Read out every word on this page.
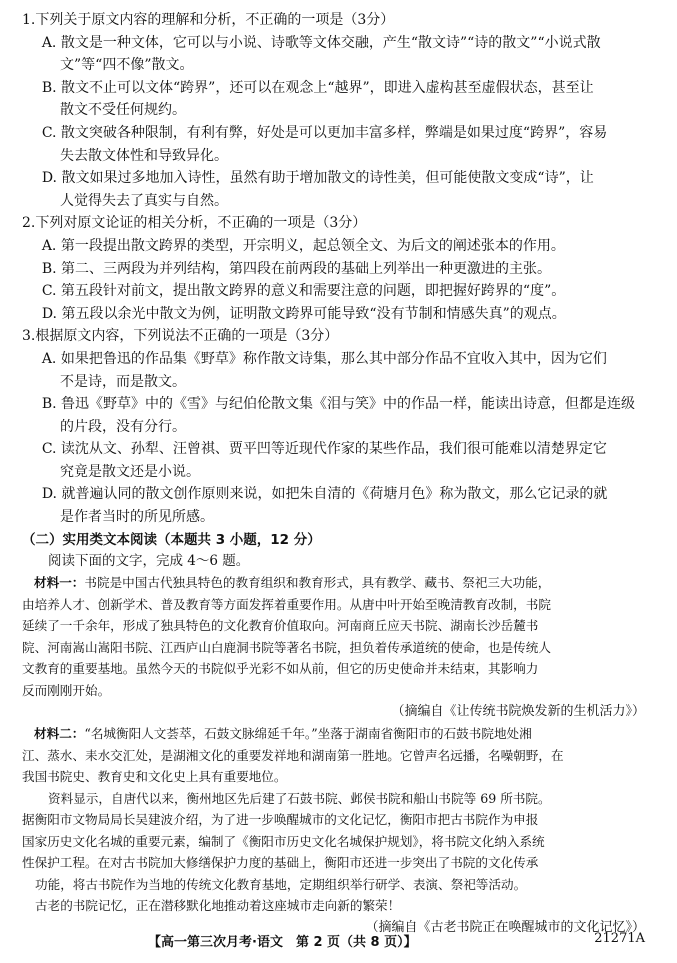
1.下列关于原文内容的理解和分析，不正确的一项是（3分）

A. 散文是一种文体，它可以与小说、诗歌等文体交融，产生“散文诗”“诗的散文”“小说式散
文”等“四不像”散文。
B. 散文不止可以文体“跨界”，还可以在观念上“越界”，即进入虚构甚至虚假状态，甚至让
散文不受任何规约。
C. 散文突破各种限制，有利有弊，好处是可以更加丰富多样，弊端是如果过度“跨界”，容易
失去散文体性和导致异化。
D. 散文如果过多地加入诗性，虽然有助于增加散文的诗性美，但可能使散文变成“诗”，让
人觉得失去了真实与自然。

2.下列对原文论证的相关分析，不正确的一项是（3分）

A. 第一段提出散文跨界的类型，开宗明义，起总领全文、为后文的阐述张本的作用。
B. 第二、三两段为并列结构，第四段在前两段的基础上列举出一种更激进的主张。
C. 第五段针对前文，提出散文跨界的意义和需要注意的问题，即把握好跨界的“度”。
D. 第五段以余光中散文为例，证明散文跨界可能导致“没有节制和情感失真”的观点。

3.根据原文内容，下列说法不正确的一项是（3分）

A. 如果把鲁迅的作品集《野草》称作散文诗集，那么其中部分作品不宜收入其中，因为它们
不是诗，而是散文。
B. 鲁迅《野草》中的《雪》与纪伯伦散文集《泪与笑》中的作品一样，能读出诗意，但都是连级
的片段，没有分行。
C. 读沈从文、孙犁、汪曾祺、贾平凹等近现代作家的某些作品，我们很可能难以清楚界定它
究竟是散文还是小说。
D. 就普遍认同的散文创作原则来说，如把朱自清的《荷塘月色》称为散文，那么它记录的就
是作者当时的所见所感。

（二）实用类文本阅读（本题共 3 小题，12 分）

阅读下面的文字，完成 4～6 题。

材料一：书院是中国古代独具特色的教育组织和教育形式，具有教学、藏书、祭祀三大功能，
由培养人才、创新学术、普及教育等方面发挥着重要作用。从唐中叶开始至晚清教育改制，书院
延续了一千余年，形成了独具特色的文化教育价值取向。河南商丘应天书院、湖南长沙岳麓书
院、河南嵩山嵩阳书院、江西庐山白鹿洞书院等著名书院，担负着传承道统的使命，也是传统人
文教育的重要基地。虽然今天的书院似乎光彩不如从前，但它的历史使命并未结束，其影响力
反而刚刚开始。

（摘编自《让传统书院焕发新的生机活力》）

材料二：“名城衡阳人文荟萃，石鼓文脉绵延千年。”坐落于湖南省衡阳市的石鼓书院地处湘
江、蒸水、耒水交汇处，是湖湘文化的重要发祥地和湖南第一胜地。它曾声名远播，名噪朝野，在
我国书院史、教育史和文化史上具有重要地位。
资料显示，自唐代以来，衡州地区先后建了石鼓书院、邺侯书院和船山书院等 69 所书院。
据衡阳市文物局局长吴建波介绍，为了进一步唤醒城市的文化记忆，衡阳市把古书院作为申报
国家历史文化名城的重要元素，编制了《衡阳市历史文化名城保护规划》，将书院文化纳入系统
性保护工程。在对古书院加大修缮保护力度的基础上，衡阳市还进一步突出了书院的文化传承
功能，将古书院作为当地的传统文化教育基地，定期组织举行研学、表演、祭祀等活动。
古老的书院记忆，正在潜移默化地推动着这座城市走向新的繁荣！

（摘编自《古老书院正在唤醒城市的文化记忆》）

【高一第三次月考·语文　第 2 页（共 8 页）】	21271A
